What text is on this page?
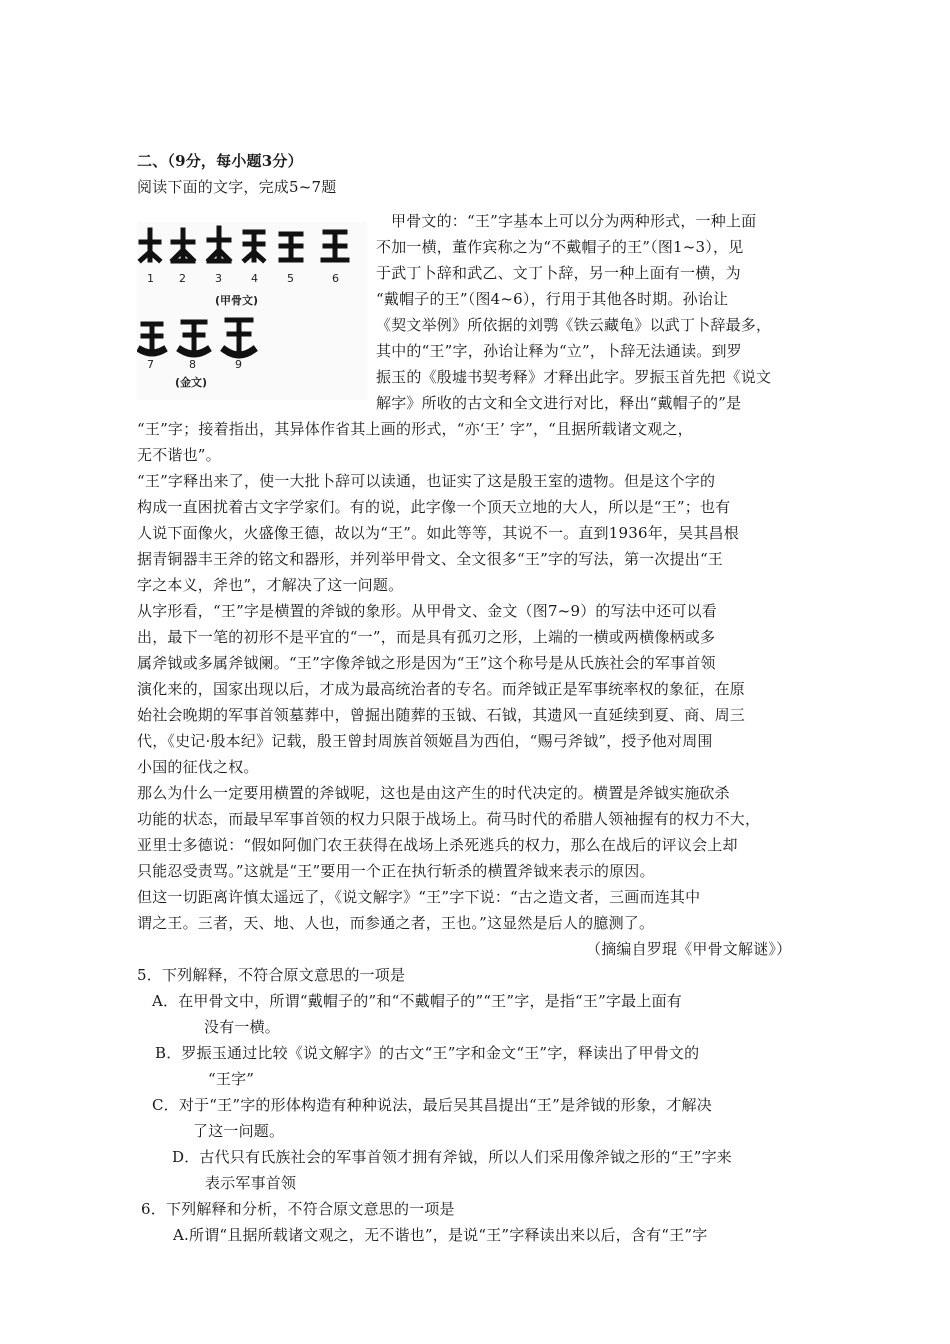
二、（9分，每小题3分）
阅读下面的文字，完成5~7题
1 2	3	4	5	6
(甲骨文)
7	8	9
(金文)
甲骨文的：“王”字基本上可以分为两种形式，一种上面
不加一横，董作宾称之为“不戴帽子的王”（图1~3），见
于武丁卜辞和武乙、文丁卜辞，另一种上面有一横，为
“戴帽子的王”（图4~6），行用于其他各时期。孙诒让
《契文举例》所依据的刘鹗《铁云藏龟》以武丁卜辞最多，
其中的“王”字，孙诒让释为“立”，卜辞无法通读。到罗
振玉的《殷墟书契考释》才释出此字。罗振玉首先把《说文
解字》所收的古文和全文进行对比，释出“戴帽子的”是
“王”字；接着指出，其异体作省其上画的形式，“亦‘王’ 字”，“且据所载诸文观之，
无不谐也”。
“王”字释出来了，使一大批卜辞可以读通，也证实了这是殷王室的遗物。但是这个字的
构成一直困扰着古文字学家们。有的说，此字像一个顶天立地的大人，所以是“王”；也有
人说下面像火，火盛像王德，故以为“王”。如此等等，其说不一。直到1936年，吴其昌根
据青铜器丰王斧的铭文和器形，并列举甲骨文、全文很多“王”字的写法，第一次提出“王
字之本义，斧也”，才解决了这一问题。
从字形看，“王”字是横置的斧钺的象形。从甲骨文、金文（图7~9）的写法中还可以看
出，最下一笔的初形不是平宜的“一”，而是具有孤刃之形，上端的一横或两横像柄或多
属斧钺或多属斧钺阑。“王”字像斧钺之形是因为“王”这个称号是从氏族社会的军事首领
演化来的，国家出现以后，才成为最高统治者的专名。而斧钺正是军事统率权的象征，在原
始社会晚期的军事首领墓葬中，曾掘出随葬的玉钺、石钺，其遗风一直延续到夏、商、周三
代，《史记·殷本纪》记载，殷王曾封周族首领姬昌为西伯，“赐弓斧钺”，授予他对周围
小国的征伐之权。
那么为什么一定要用横置的斧钺呢，这也是由这产生的时代决定的。横置是斧钺实施砍杀
功能的状态，而最早军事首领的权力只限于战场上。荷马时代的希腊人领袖握有的权力不大，
亚里士多德说：“假如阿伽门农王获得在战场上杀死逃兵的权力，那么在战后的评议会上却
只能忍受责骂。”这就是“王”要用一个正在执行斩杀的横置斧钺来表示的原因。
但这一切距离许慎太遥远了，《说文解字》“王”字下说：“古之造文者，三画而连其中
谓之王。三者，天、地、人也，而参通之者，王也。”这显然是后人的臆测了。
（摘编自罗琨《甲骨文解谜》）
5．下列解释，不符合原文意思的一项是
A．在甲骨文中，所谓“戴帽子的”和“不戴帽子的”“王”字，是指“王”字最上面有
没有一横。
B．罗振玉通过比较《说文解字》的古文“王”字和金文“王”字，释读出了甲骨文的
“王字”
C．对于“王”字的形体构造有种种说法，最后吴其昌提出“王”是斧钺的形象，才解决
了这一问题。
D．古代只有氏族社会的军事首领才拥有斧钺，所以人们采用像斧钺之形的“王”字来
表示军事首领
6．下列解释和分析，不符合原文意思的一项是
A.所谓“且据所载诸文观之，无不谐也”，是说“王”字释读出来以后，含有“王”字
